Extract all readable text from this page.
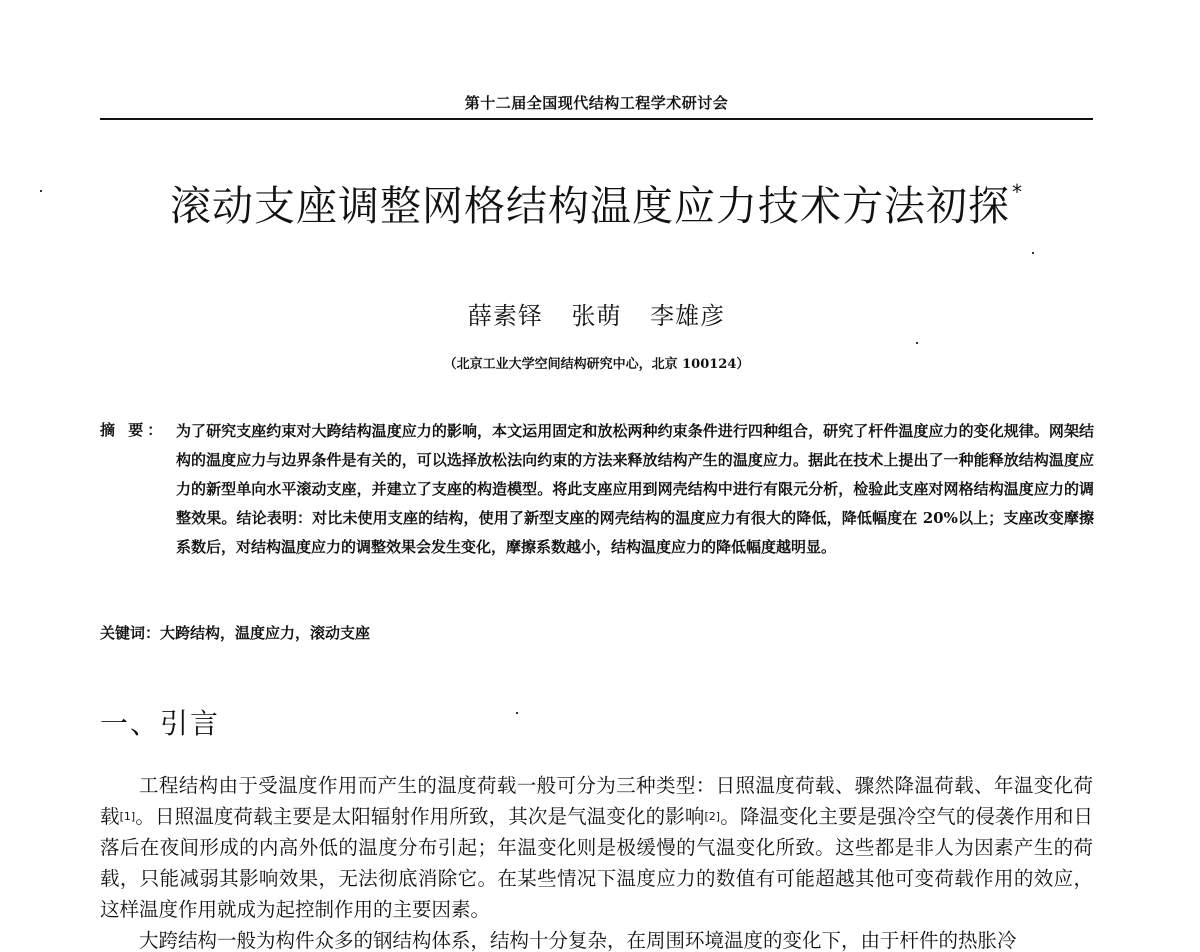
第十二届全国现代结构工程学术研讨会
滚动支座调整网格结构温度应力技术方法初探 *
薛素铎 张萌 李雄彦
（北京工业大学空间结构研究中心，北京 100124）
摘 要： 为了研究支座约束对大跨结构温度应力的影响，本文运用固定和放松两种约束条件进行四种组合，研究了杆件温度应力的变化规律。网架结构的温度应力与边界条件是有关的，可以选择放松法向约束的方法来释放结构产生的温度应力。据此在技术上提出了一种能释放结构温度应力的新型单向水平滚动支座，并建立了支座的构造模型。将此支座应用到网壳结构中进行有限元分析，检验此支座对网格结构温度应力的调整效果。结论表明：对比未使用支座的结构，使用了新型支座的网壳结构的温度应力有很大的降低，降低幅度在 20%以上；支座改变摩擦系数后，对结构温度应力的调整效果会发生变化，摩擦系数越小，结构温度应力的降低幅度越明显。
关键词：大跨结构，温度应力，滚动支座
一、引言

工程结构由于受温度作用而产生的温度荷载一般可分为三种类型：日照温度荷载、骤然降温荷载、年温变化荷载[1]。日照温度荷载主要是太阳辐射作用所致，其次是气温变化的影响[2]。降温变化主要是强冷空气的侵袭作用和日落后在夜间形成的内高外低的温度分布引起；年温变化则是极缓慢的气温变化所致。这些都是非人为因素产生的荷载，只能减弱其影响效果，无法彻底消除它。在某些情况下温度应力的数值有可能超越其他可变荷载作用的效应，这样温度作用就成为起控制作用的主要因素。

大跨结构一般为构件众多的钢结构体系，结构十分复杂，在周围环境温度的变化下，由于杆件的热胀冷
